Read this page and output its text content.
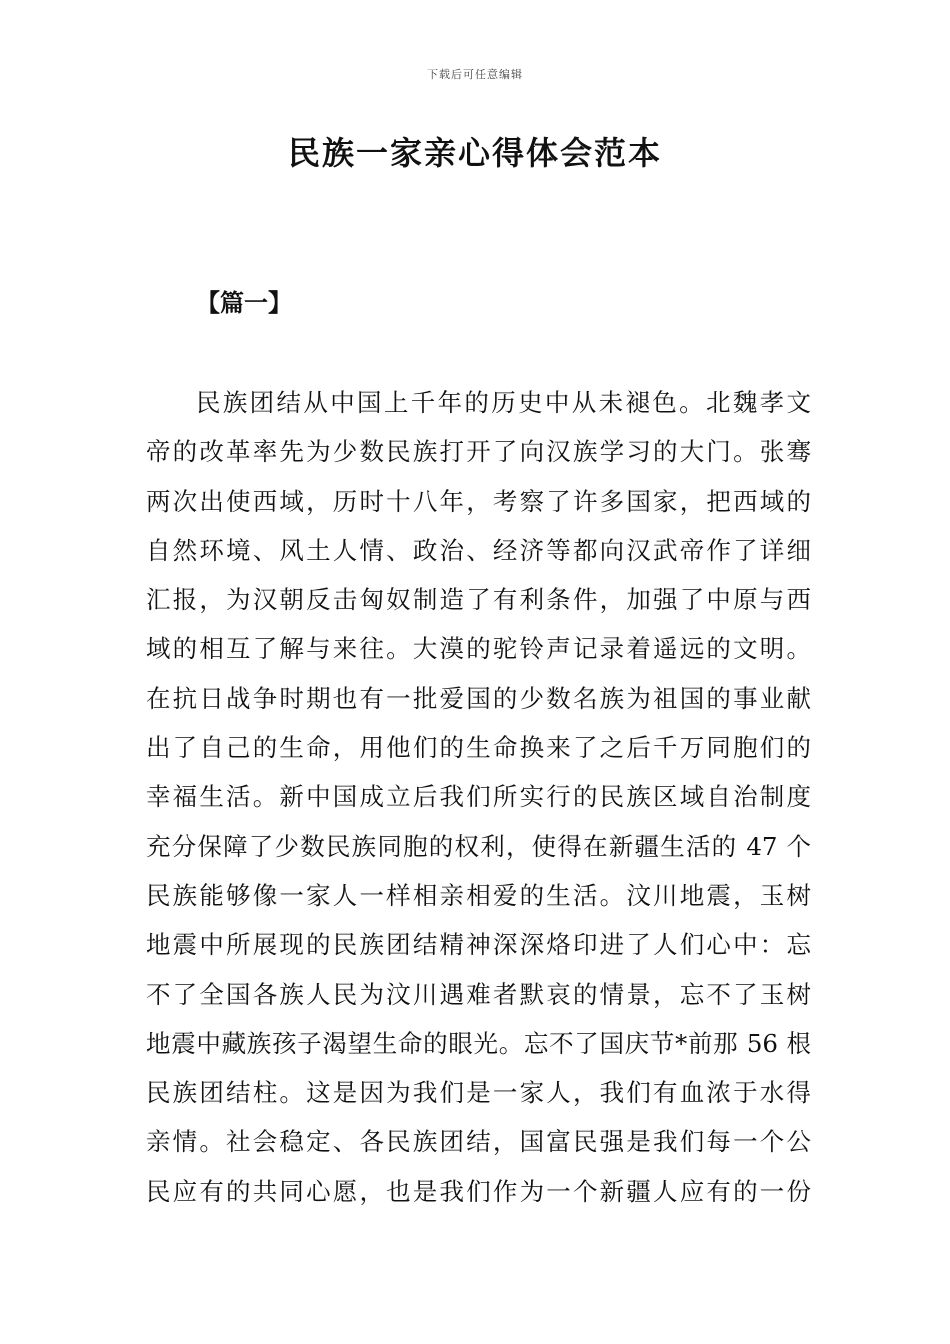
下载后可任意编辑
民族一家亲心得体会范本
【篇一】
民族团结从中国上千年的历史中从未褪色。北魏孝文
帝的改革率先为少数民族打开了向汉族学习的大门。张骞
两次出使西域，历时十八年，考察了许多国家，把西域的
自然环境、风土人情、政治、经济等都向汉武帝作了详细
汇报，为汉朝反击匈奴制造了有利条件，加强了中原与西
域的相互了解与来往。大漠的驼铃声记录着遥远的文明。
在抗日战争时期也有一批爱国的少数名族为祖国的事业献
出了自己的生命，用他们的生命换来了之后千万同胞们的
幸福生活。新中国成立后我们所实行的民族区域自治制度
充分保障了少数民族同胞的权利，使得在新疆生活的 47 个
民族能够像一家人一样相亲相爱的生活。汶川地震，玉树
地震中所展现的民族团结精神深深烙印进了人们心中：忘
不了全国各族人民为汶川遇难者默哀的情景，忘不了玉树
地震中藏族孩子渴望生命的眼光。忘不了国庆节*前那 56 根
民族团结柱。这是因为我们是一家人，我们有血浓于水得
亲情。社会稳定、各民族团结，国富民强是我们每一个公
民应有的共同心愿，也是我们作为一个新疆人应有的一份
